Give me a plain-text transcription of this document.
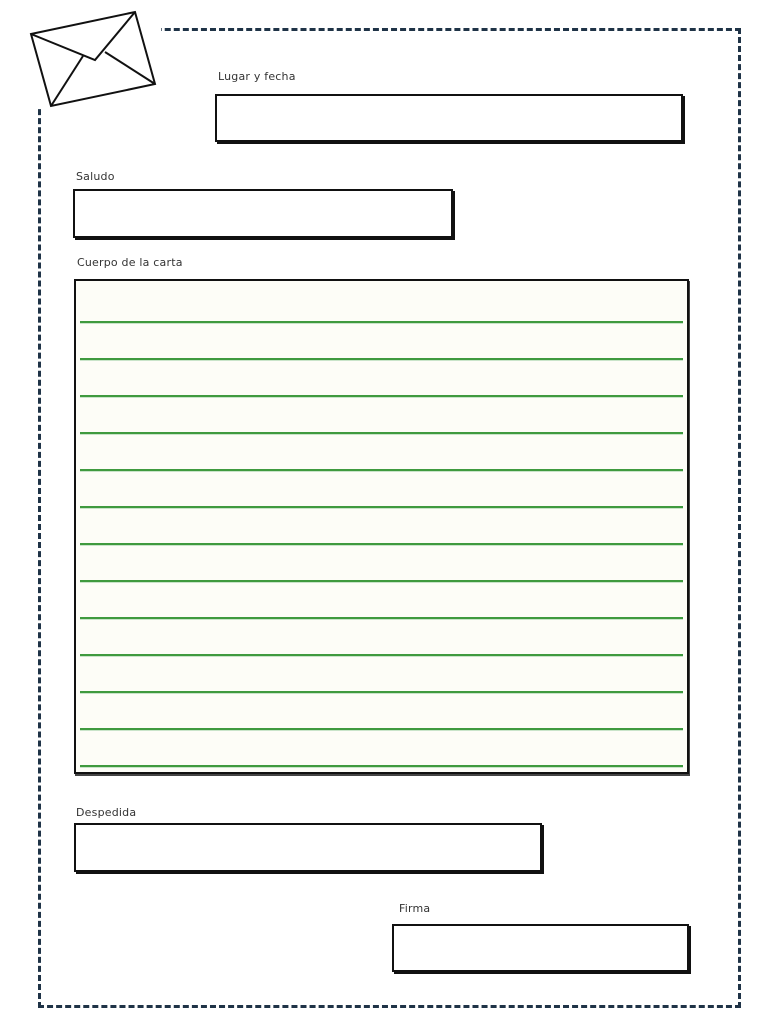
Lugar y fecha
Saludo
Cuerpo de la carta
Despedida
Firma
